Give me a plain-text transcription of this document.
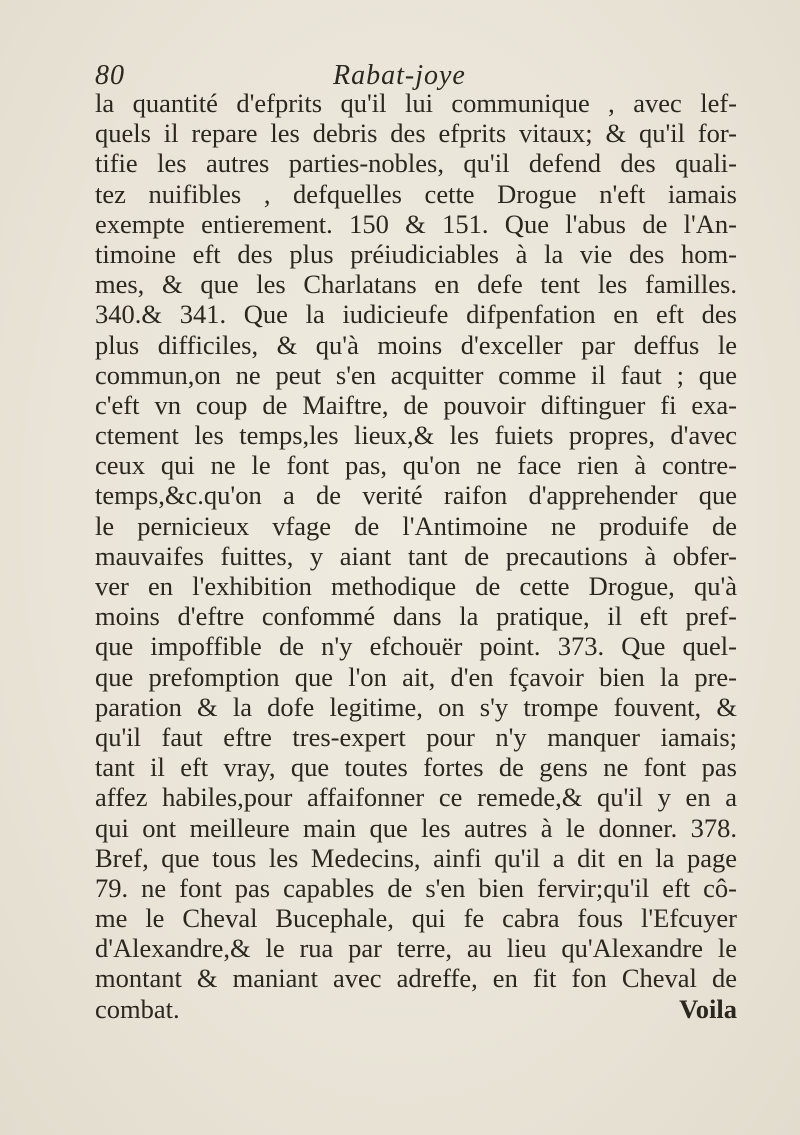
80	Rabat-joye
la quantité d'efprits qu'il lui communique , avec lef-
quels il repare les debris des efprits vitaux; & qu'il for-
tifie les autres parties-nobles, qu'il defend des quali-
tez nuifibles , defquelles cette Drogue n'eft iamais
exempte entierement. 150 & 151. Que l'abus de l'An-
timoine eft des plus préiudiciables à la vie des hom-
mes, & que les Charlatans en defe tent les familles.
340.& 341. Que la iudicieufe difpenfation en eft des
plus difficiles, & qu'à moins d'exceller par deffus le
commun,on ne peut s'en acquitter comme il faut ; que
c'eft vn coup de Maiftre, de pouvoir diftinguer fi exa-
ctement les temps,les lieux,& les fuiets propres, d'avec
ceux qui ne le font pas, qu'on ne face rien à contre-
temps,&c.qu'on a de verité raifon d'apprehender que
le pernicieux vfage de l'Antimoine ne produife de
mauvaifes fuittes, y aiant tant de precautions à obfer-
ver en l'exhibition methodique de cette Drogue, qu'à
moins d'eftre confommé dans la pratique, il eft pref-
que impoffible de n'y efchouër point. 373. Que quel-
que prefomption que l'on ait, d'en fçavoir bien la pre-
paration & la dofe legitime, on s'y trompe fouvent, &
qu'il faut eftre tres-expert pour n'y manquer iamais;
tant il eft vray, que toutes fortes de gens ne font pas
affez habiles,pour affaifonner ce remede,& qu'il y en a
qui ont meilleure main que les autres à le donner. 378.
Bref, que tous les Medecins, ainfi qu'il a dit en la page
79. ne font pas capables de s'en bien fervir;qu'il eft cô-
me le Cheval Bucephale, qui fe cabra fous l'Efcuyer
d'Alexandre,& le rua par terre, au lieu qu'Alexandre le
montant & maniant avec adreffe, en fit fon Cheval de
combat.	Voila
